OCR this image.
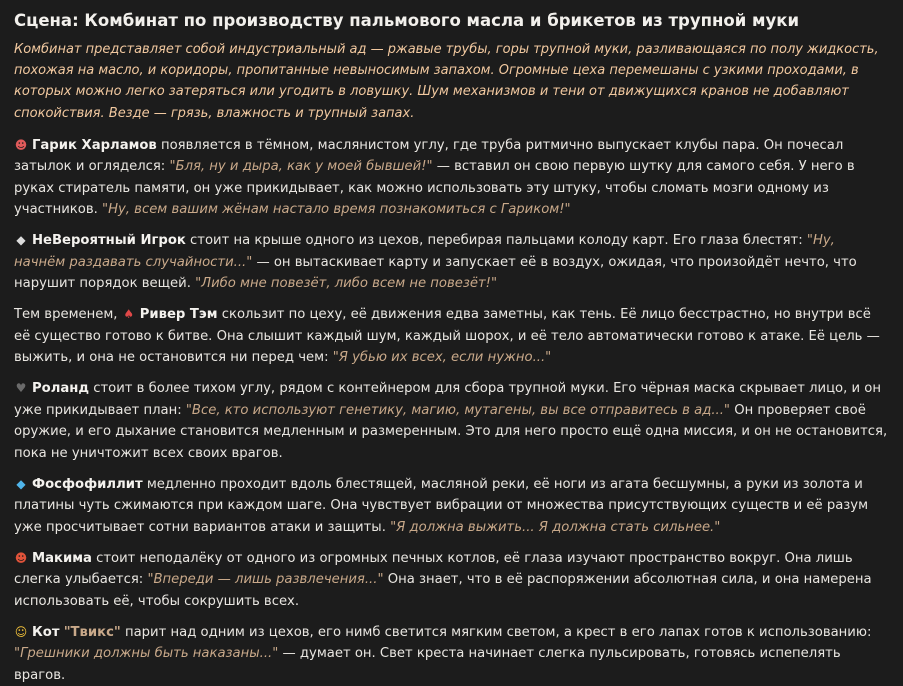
Сцена: Комбинат по производству пальмового масла и брикетов из трупной муки

Комбинат представляет собой индустриальный ад — ржавые трубы, горы трупной муки, разливающаяся по полу жидкость, похожая на масло, и коридоры, пропитанные невыносимым запахом. Огромные цеха перемешаны с узкими проходами, в которых можно легко затеряться или угодить в ловушку. Шум механизмов и тени от движущихся кранов не добавляют спокойствия. Везде — грязь, влажность и трупный запах.

☻ Гарик Харламов появляется в тёмном, маслянистом углу, где труба ритмично выпускает клубы пара. Он почесал затылок и огляделся: "Бля, ну и дыра, как у моей бывшей!" — вставил он свою первую шутку для самого себя. У него в руках стиратель памяти, он уже прикидывает, как можно использовать эту штуку, чтобы сломать мозги одному из участников. "Ну, всем вашим жёнам настало время познакомиться с Гариком!"

◆ НеВероятный Игрок стоит на крыше одного из цехов, перебирая пальцами колоду карт. Его глаза блестят: "Ну, начнём раздавать случайности..." — он вытаскивает карту и запускает её в воздух, ожидая, что произойдёт нечто, что нарушит порядок вещей. "Либо мне повезёт, либо всем не повезёт!"

Тем временем, ♠ Ривер Тэм скользит по цеху, её движения едва заметны, как тень. Её лицо бесстрастно, но внутри всё её существо готово к битве. Она слышит каждый шум, каждый шорох, и её тело автоматически готово к атаке. Её цель — выжить, и она не остановится ни перед чем: "Я убью их всех, если нужно..."

♥ Роланд стоит в более тихом углу, рядом с контейнером для сбора трупной муки. Его чёрная маска скрывает лицо, и он уже прикидывает план: "Все, кто используют генетику, магию, мутагены, вы все отправитесь в ад..." Он проверяет своё оружие, и его дыхание становится медленным и размеренным. Это для него просто ещё одна миссия, и он не остановится, пока не уничтожит всех своих врагов.

◆ Фосфофиллит медленно проходит вдоль блестящей, масляной реки, её ноги из агата бесшумны, а руки из золота и платины чуть сжимаются при каждом шаге. Она чувствует вибрации от множества присутствующих существ и её разум уже просчитывает сотни вариантов атаки и защиты. "Я должна выжить... Я должна стать сильнее."

☻ Макима стоит неподалёку от одного из огромных печных котлов, её глаза изучают пространство вокруг. Она лишь слегка улыбается: "Впереди — лишь развлечения..." Она знает, что в её распоряжении абсолютная сила, и она намерена использовать её, чтобы сокрушить всех.

☺ Кот "Твикс" парит над одним из цехов, его нимб светится мягким светом, а крест в его лапах готов к использованию: "Грешники должны быть наказаны..." — думает он. Свет креста начинает слегка пульсировать, готовясь испепелять врагов.
